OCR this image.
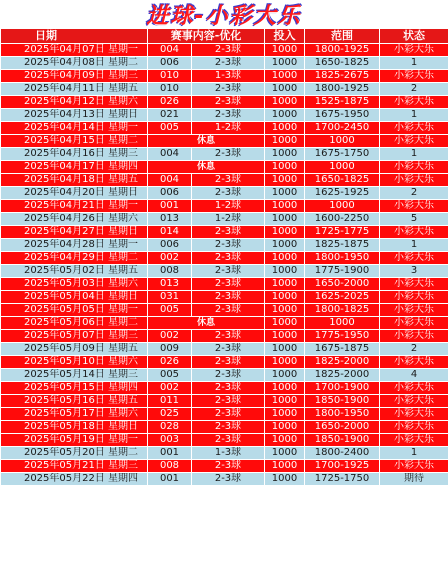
进球-小彩大乐
日期	赛事内容-优化		投入	范围	状态
2025年04月07日 星期一	004	2-3球	1000	1800-1925	小彩大乐
2025年04月08日 星期二	006	2-3球	1000	1650-1825	1
2025年04月09日 星期三	010	1-3球	1000	1825-2675	小彩大乐
2025年04月11日 星期五	010	2-3球	1000	1800-1925	2
2025年04月12日 星期六	026	2-3球	1000	1525-1875	小彩大乐
2025年04月13日 星期日	021	2-3球	1000	1675-1950	1
2025年04月14日 星期一	005	1-2球	1000	1700-2450	小彩大乐
2025年04月15日 星期二	休息		1000	1000	小彩大乐
2025年04月16日 星期三	004	2-3球	1000	1675-1750	1
2025年04月17日 星期四	休息		1000	1000	小彩大乐
2025年04月18日 星期五	004	2-3球	1000	1650-1825	小彩大乐
2025年04月20日 星期日	006	2-3球	1000	1625-1925	2
2025年04月21日 星期一	001	1-2球	1000	1000	小彩大乐
2025年04月26日 星期六	013	1-2球	1000	1600-2250	5
2025年04月27日 星期日	014	2-3球	1000	1725-1775	小彩大乐
2025年04月28日 星期一	006	2-3球	1000	1825-1875	1
2025年04月29日 星期二	002	2-3球	1000	1800-1950	小彩大乐
2025年05月02日 星期五	008	2-3球	1000	1775-1900	3
2025年05月03日 星期六	013	2-3球	1000	1650-2000	小彩大乐
2025年05月04日 星期日	031	2-3球	1000	1625-2025	小彩大乐
2025年05月05日 星期一	005	2-3球	1000	1800-1825	小彩大乐
2025年05月06日 星期二	休息		1000	1000	小彩大乐
2025年05月07日 星期三	002	2-3球	1000	1775-1950	小彩大乐
2025年05月09日 星期五	009	2-3球	1000	1675-1875	2
2025年05月10日 星期六	026	2-3球	1000	1825-2000	小彩大乐
2025年05月14日 星期三	005	2-3球	1000	1825-2000	4
2025年05月15日 星期四	002	2-3球	1000	1700-1900	小彩大乐
2025年05月16日 星期五	011	2-3球	1000	1850-1900	小彩大乐
2025年05月17日 星期六	025	2-3球	1000	1800-1950	小彩大乐
2025年05月18日 星期日	028	2-3球	1000	1650-2000	小彩大乐
2025年05月19日 星期一	003	2-3球	1000	1850-1900	小彩大乐
2025年05月20日 星期二	001	1-3球	1000	1800-2400	1
2025年05月21日 星期三	008	2-3球	1000	1700-1925	小彩大乐
2025年05月22日 星期四	001	2-3球	1000	1725-1750	期待
